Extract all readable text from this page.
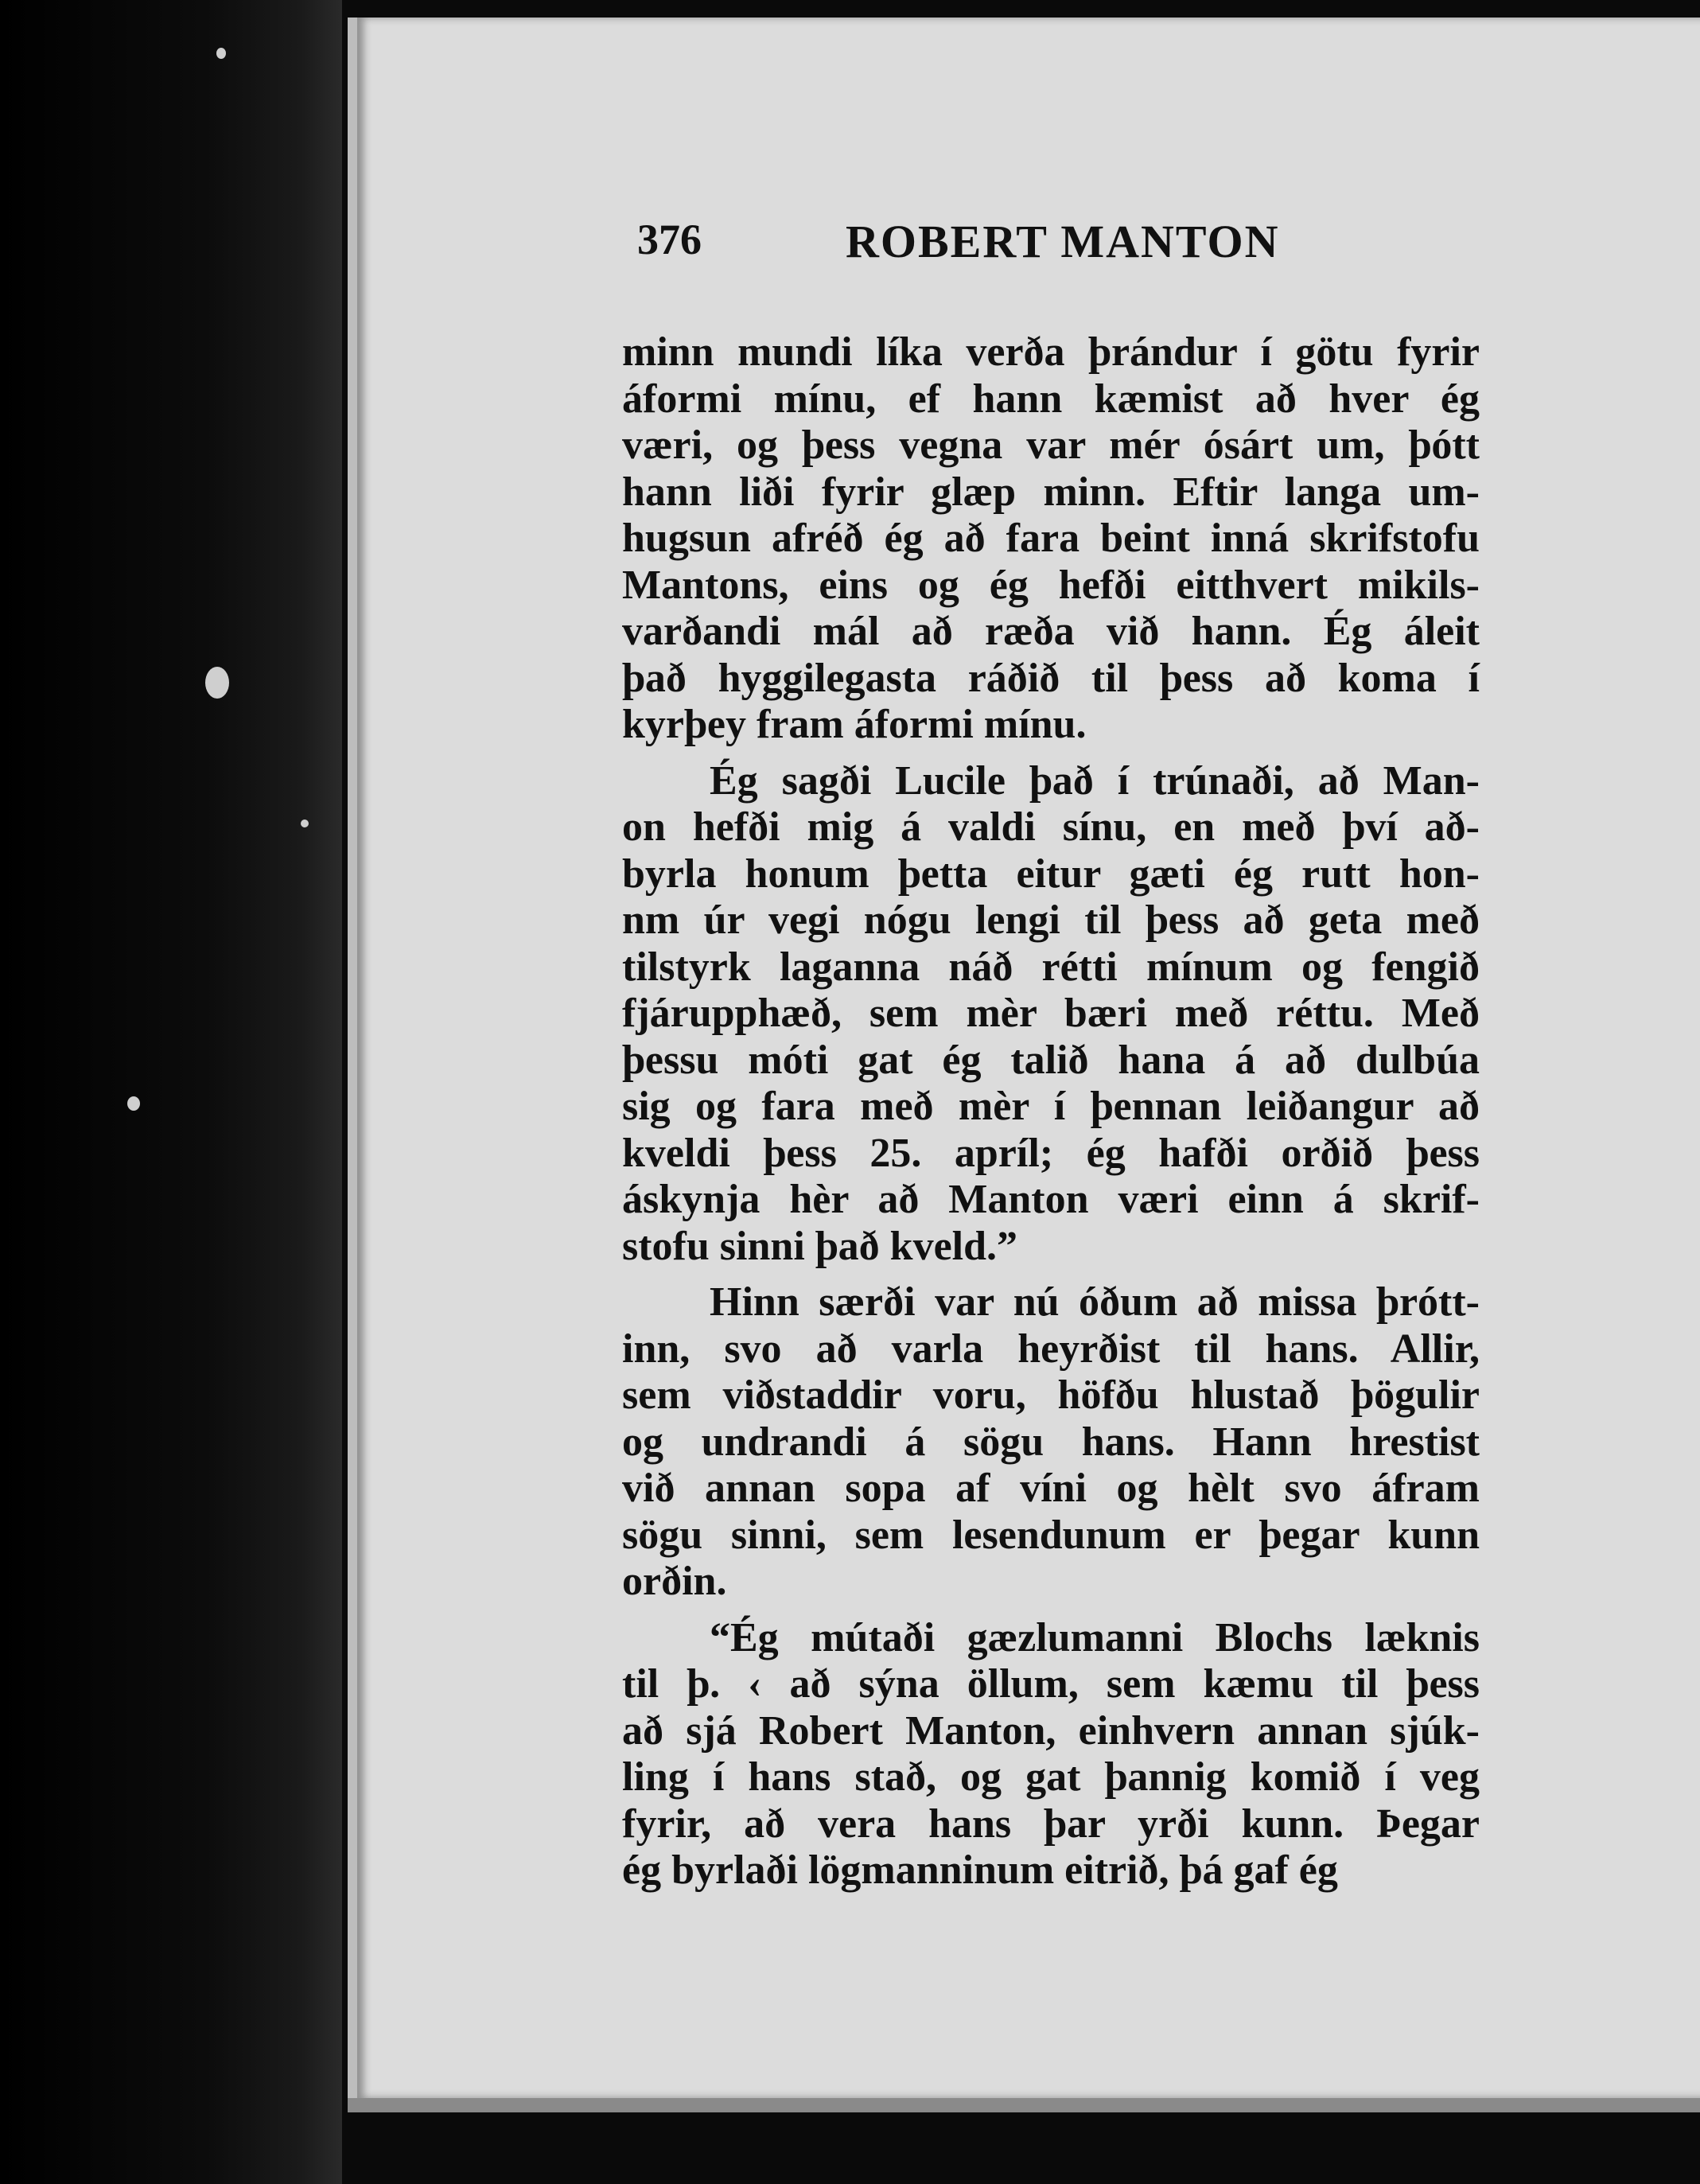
376	ROBERT MANTON
minn mundi líka verða þrándur í götu fyrir
áformi mínu, ef hann kæmist að hver ég
væri, og þess vegna var mér ósárt um, þótt
hann liði fyrir glæp minn. Eftir langa um-
hugsun afréð ég að fara beint inná skrifstofu
Mantons, eins og ég hefði eitthvert mikils-
varðandi mál að ræða við hann. Ég áleit
það hyggilegasta ráðið til þess að koma í
kyrþey fram áformi mínu.
Ég sagði Lucile það í trúnaði, að Man-
on hefði mig á valdi sínu, en með því að-
byrla honum þetta eitur gæti ég rutt hon-
nm úr vegi nógu lengi til þess að geta með
tilstyrk laganna náð rétti mínum og fengið
fjárupphæð, sem mèr bæri með réttu. Með
þessu móti gat ég talið hana á að dulbúa
sig og fara með mèr í þennan leiðangur að
kveldi þess 25. apríl; ég hafði orðið þess
áskynja hèr að Manton væri einn á skrif-
stofu sinni það kveld.”
Hinn særði var nú óðum að missa þrótt-
inn, svo að varla heyrðist til hans. Allir,
sem viðstaddir voru, höfðu hlustað þögulir
og undrandi á sögu hans. Hann hrestist
við annan sopa af víni og hèlt svo áfram
sögu sinni, sem lesendunum er þegar kunn
orðin.
“Ég mútaði gæzlumanni Blochs læknis
til þ. ‹ að sýna öllum, sem kæmu til þess
að sjá Robert Manton, einhvern annan sjúk-
ling í hans stað, og gat þannig komið í veg
fyrir, að vera hans þar yrði kunn. Þegar
ég byrlaði lögmanninum eitrið, þá gaf ég
